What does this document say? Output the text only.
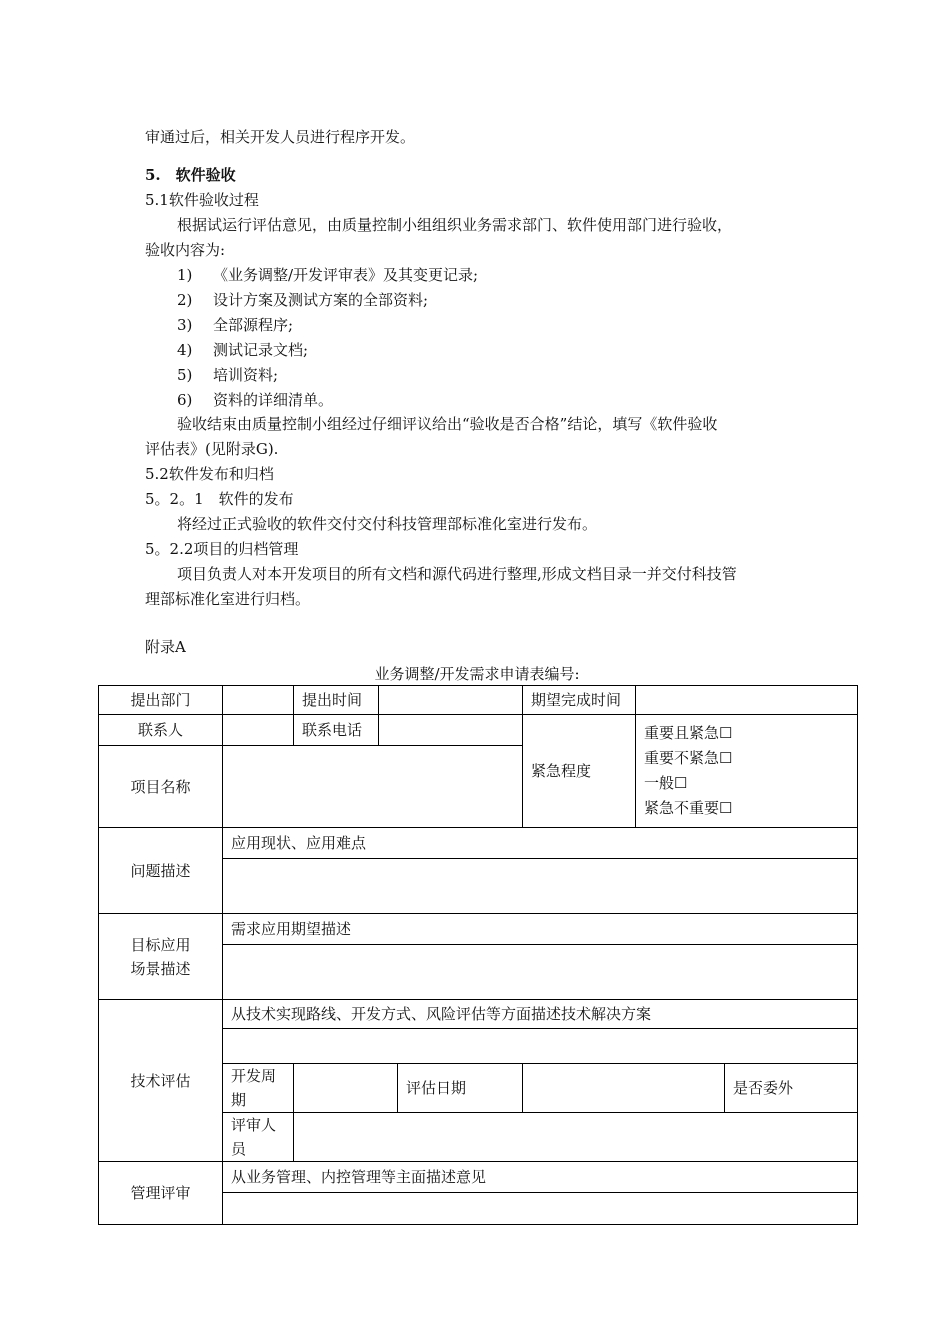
审通过后，相关开发人员进行程序开发。
5.　软件验收
5.1软件验收过程
根据试运行评估意见，由质量控制小组组织业务需求部门、软件使用部门进行验收，
验收内容为:
1) 《业务调整/开发评审表》及其变更记录;
2) 设计方案及测试方案的全部资料;
3) 全部源程序;
4) 测试记录文档;
5) 培训资料;
6) 资料的详细清单。
验收结束由质量控制小组经过仔细评议给出“验收是否合格”结论，填写《软件验收
评估表》(见附录G).
5.2软件发布和归档
5。2。1　软件的发布
将经过正式验收的软件交付交付科技管理部标准化室进行发布。
5。2.2项目的归档管理
项目负责人对本开发项目的所有文档和源代码进行整理,形成文档目录一并交付科技管
理部标准化室进行归档。
附录A
业务调整/开发需求申请表编号:
提出部门		提出时间			期望完成时间			
联系人		联系电话			紧急程度	重要且紧急☐
重要不紧急☐
一般☐
紧急不重要☐		

项目名称								
问题描述	应用现状、应用难点							

目标应用
场景描述	需求应用期望描述							

技术评估	从技术实现路线、开发方式、风险评估等方面描述技术解决方案							

	开发周期			评估日期			是否委外	
	评审人员							
管理评审	从业务管理、内控管理等主面描述意见							
